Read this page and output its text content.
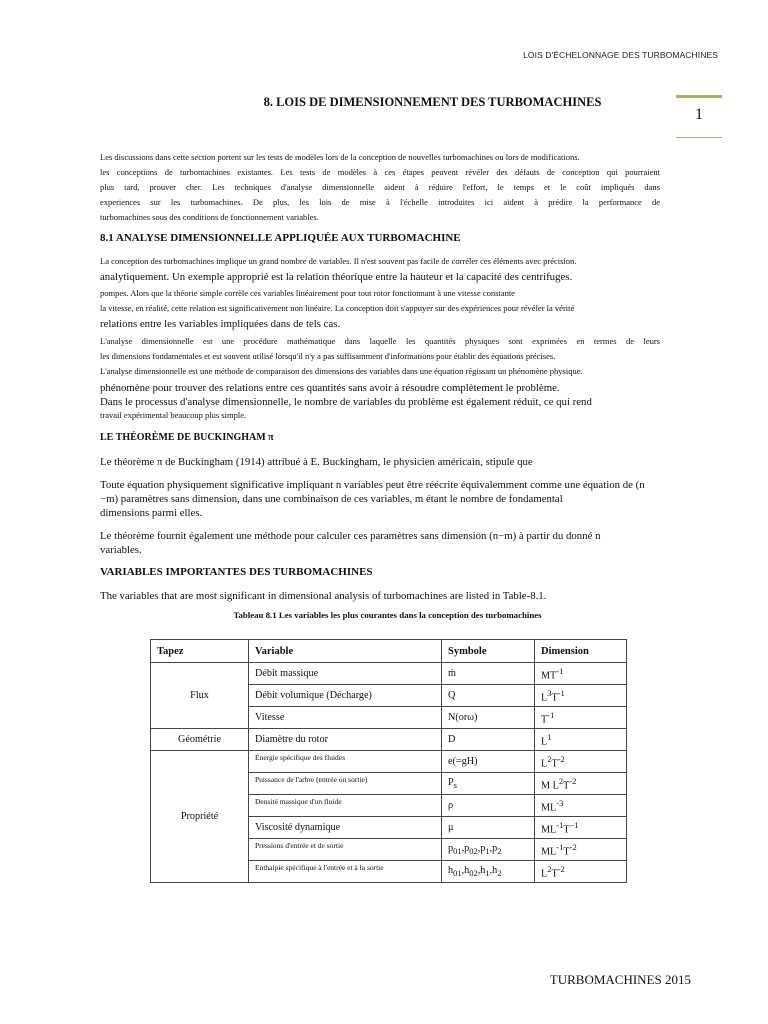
LOIS D'ÉCHELONNAGE DES TURBOMACHINES
1
8. LOIS DE DIMENSIONNEMENT DES TURBOMACHINES
Les discussions dans cette section portent sur les tests de modèles lors de la conception de nouvelles turbomachines ou lors de modifications.
les conceptions de turbomachines existantes. Les tests de modèles à ces étapes peuvent révéler des défauts de conception qui pourraient
plus tard, prouver cher. Les techniques d'analyse dimensionnelle aident à réduire l'effort, le temps et le coût impliqués dans
experiences sur les turbomachines. De plus, les lois de mise à l'échelle introduites ici aident à prédire la performance de
turbomachines sous des conditions de fonctionnement variables.
8.1 ANALYSE DIMENSIONNELLE APPLIQUÉE AUX TURBOMACHINE
La conception des turbomachines implique un grand nombre de variables. Il n'est souvent pas facile de corréler ces éléments avec précision.
analytiquement. Un exemple approprié est la relation théorique entre la hauteur et la capacité des centrifuges.
pompes. Alors que la théorie simple corrèle ces variables linéairement pour tout rotor fonctionnant à une vitesse constante
la vitesse, en réalité, cette relation est significativement non linéaire. La conception doit s'appuyer sur des expériences pour révéler la vérité
relations entre les variables impliquées dans de tels cas.
L'analyse dimensionnelle est une procédure mathématique dans laquelle les quantités physiques sont exprimées en termes de leurs
les dimensions fondamentales et est souvent utilisé lorsqu'il n'y a pas suffisamment d'informations pour établir des équations précises.
L'analyse dimensionnelle est une méthode de comparaison des dimensions des variables dans une équation régissant un phénomène physique.
phénomène pour trouver des relations entre ces quantités sans avoir à résoudre complètement le problème.
Dans le processus d'analyse dimensionnelle, le nombre de variables du problème est également réduit, ce qui rend
travail expérimental beaucoup plus simple.
LE THÉORÈME DE BUCKINGHAM π
Le théorème π de Buckingham (1914) attribué à E. Buckingham, le physicien américain, stipule que
Toute équation physiquement significative impliquant n variables peut être réécrite équivalemment comme une équation de (n
−m) paramètres sans dimension, dans une combinaison de ces variables, m étant le nombre de fondamental
dimensions parmi elles.
Le théorème fournit également une méthode pour calculer ces paramètres sans dimension (n−m) à partir du donné n
variables.
VARIABLES IMPORTANTES DES TURBOMACHINES
The variables that are most significant in dimensional analysis of turbomachines are listed in Table-8.1.
Tableau 8.1 Les variables les plus courantes dans la conception des turbomachines
Tapez	Variable	Symbole	Dimension
Flux	Débit massique	ṁ	$MT^{-1}$
	Débit volumique (Décharge)	Q	$L^3T^{-1}$
	Vitesse	N(orω)	$T^{-1}$
Géométrie	Diamètre du rotor	D	$L^1$
Propriété	Énergie spécifique des fluides	e(=gH)	$L^2T^{-2}$
	Puissance de l'arbre (entrée ou sortie)	$P_s$	M $L^2T^{-2}$
	Densité massique d'un fluide	ρ	$ML^{-3}$
	Viscosité dynamique	μ	$ML^{-1}T^{-1}$
	Pressions d'entrée et de sortie	$p_{01},p_{02},p_1,p_2$	$ML^{-1}T^{-2}$
	Enthalpie spécifique à l'entrée et à la sortie	$h_{01},h_{02},h_1,h_2$	$L^2T^{-2}$
TURBOMACHINES 2015
